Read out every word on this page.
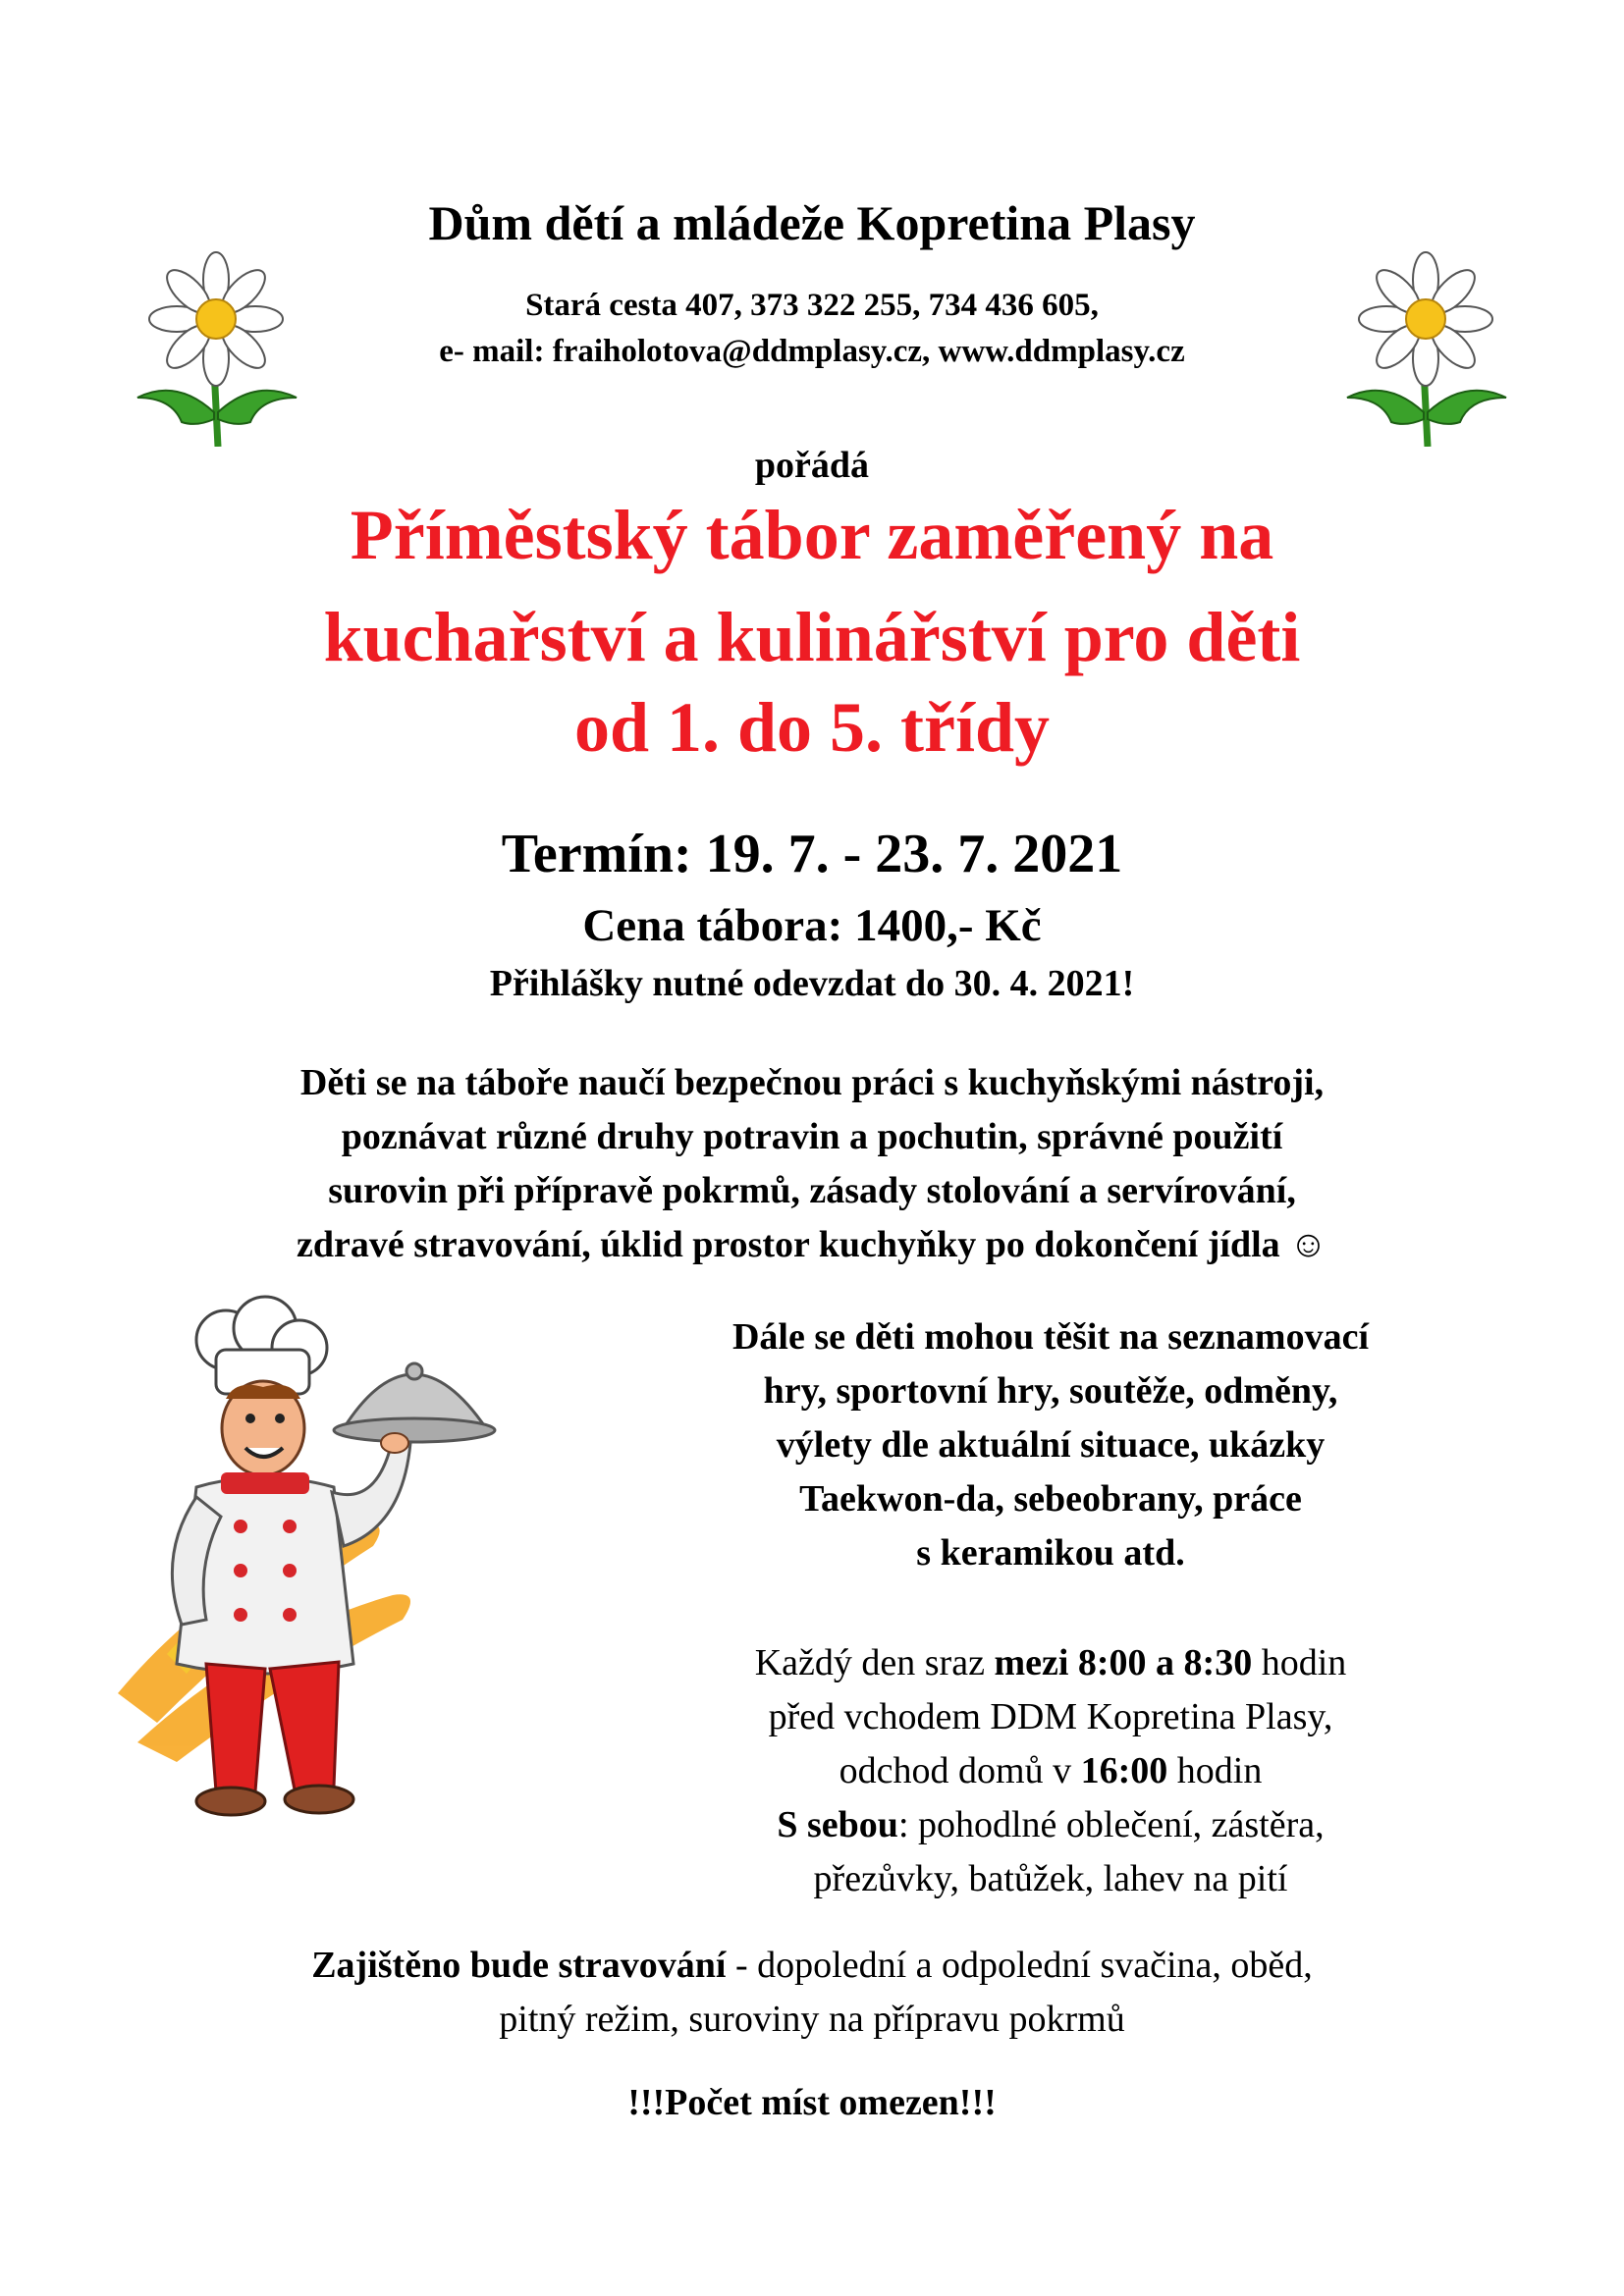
Dům dětí a mládeže Kopretina Plasy
Stará cesta 407, 373 322 255, 734 436 605,
e- mail: fraiholotova@ddmplasy.cz, www.ddmplasy.cz
pořádá
Příměstský tábor zaměřený na
kuchařství a kulinářství pro děti
od 1. do 5. třídy
Termín: 19. 7. - 23. 7. 2021
Cena tábora: 1400,- Kč
Přihlášky nutné odevzdat do 30. 4. 2021!
Děti se na táboře naučí bezpečnou práci s kuchyňskými nástroji,
poznávat různé druhy potravin a pochutin, správné použití
surovin při přípravě pokrmů, zásady stolování a servírování,
zdravé stravování, úklid prostor kuchyňky po dokončení jídla ☺
Dále se děti mohou těšit na seznamovací
hry, sportovní hry, soutěže, odměny,
výlety dle aktuální situace, ukázky
Taekwon-da, sebeobrany, práce
s keramikou atd.
Každý den sraz mezi 8:00 a 8:30 hodin
před vchodem DDM Kopretina Plasy,
odchod domů v 16:00 hodin
S sebou: pohodlné oblečení, zástěra,
přezůvky, batůžek, lahev na pití
Zajištěno bude stravování - dopolední a odpolední svačina, oběd,
pitný režim, suroviny na přípravu pokrmů
!!!Počet míst omezen!!!
